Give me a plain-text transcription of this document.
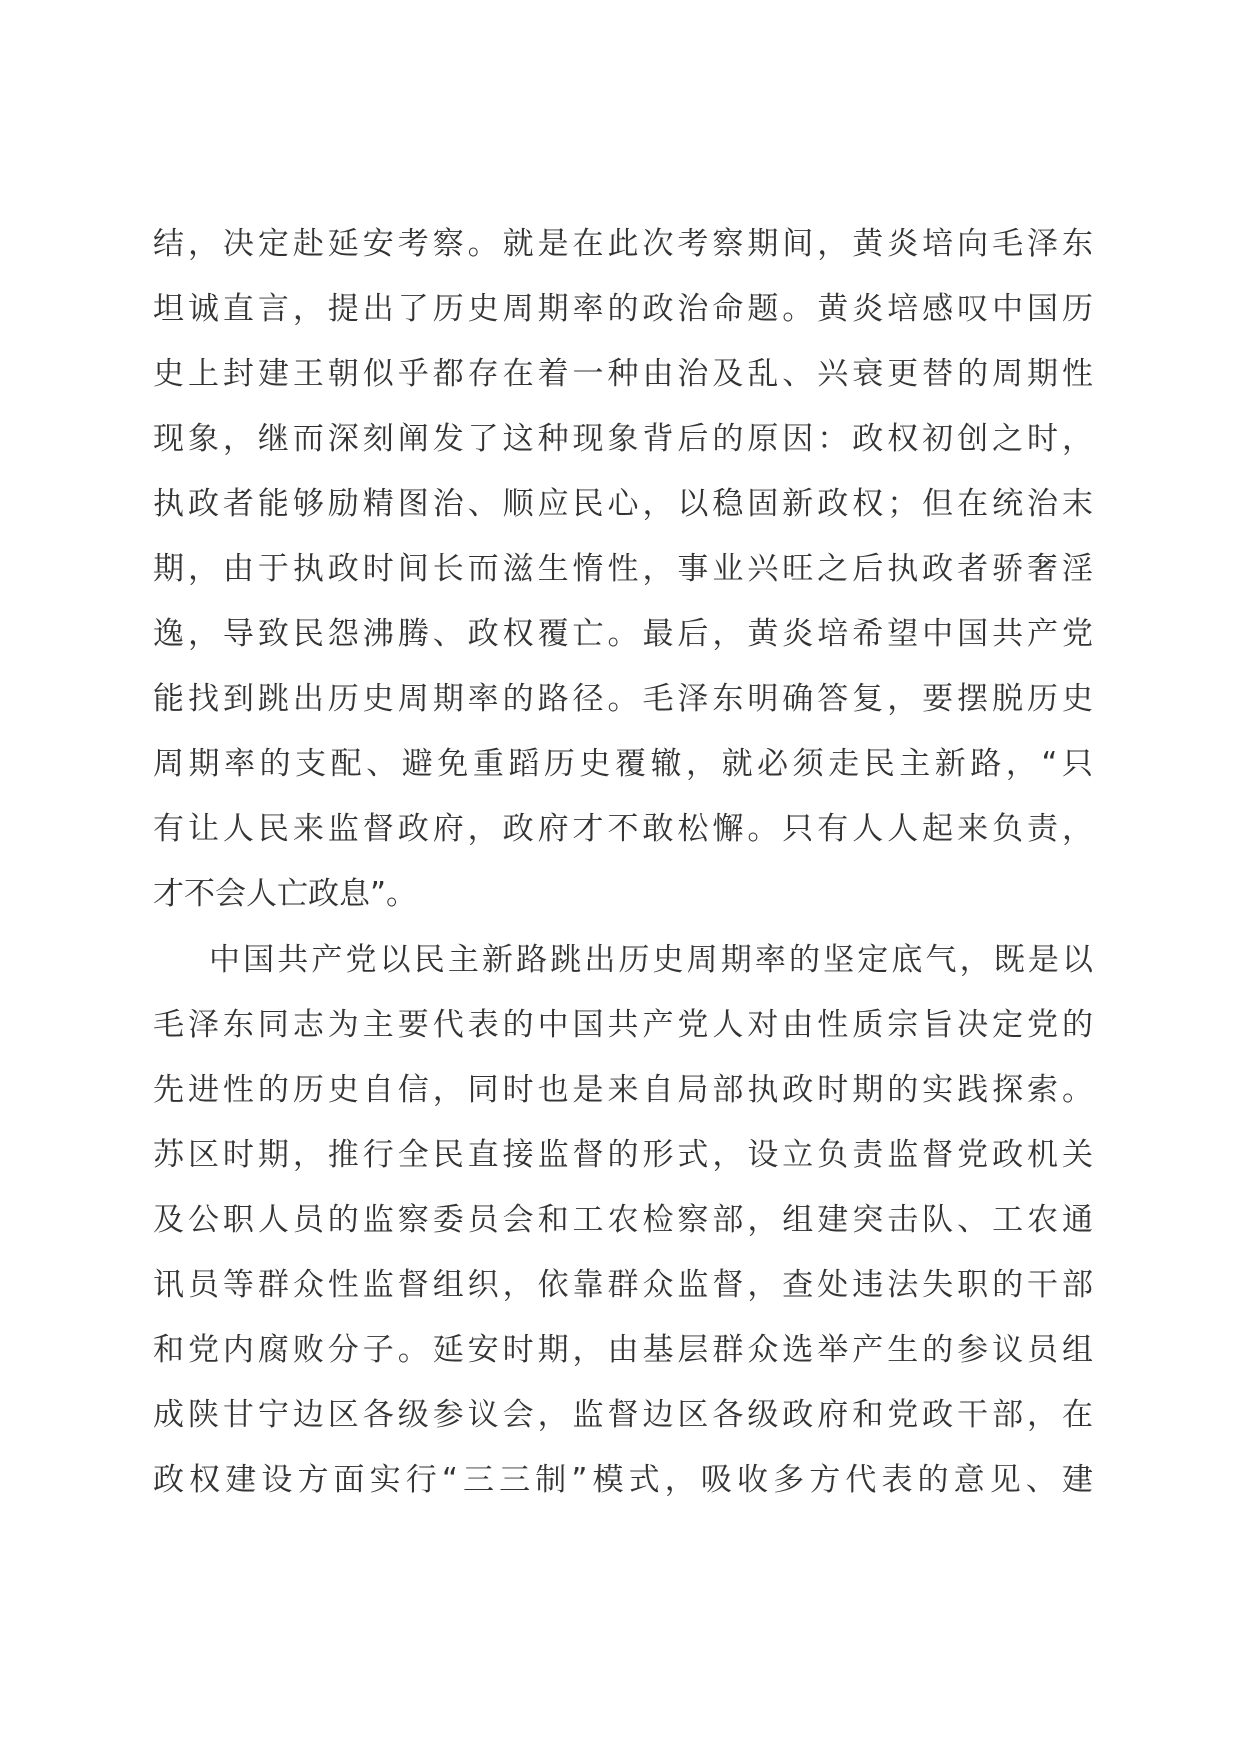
结，决定赴延安考察。就是在此次考察期间，黄炎培向毛泽东
坦诚直言，提出了历史周期率的政治命题。黄炎培感叹中国历
史上封建王朝似乎都存在着一种由治及乱、兴衰更替的周期性
现象，继而深刻阐发了这种现象背后的原因：政权初创之时，
执政者能够励精图治、顺应民心，以稳固新政权；但在统治末
期，由于执政时间长而滋生惰性，事业兴旺之后执政者骄奢淫
逸，导致民怨沸腾、政权覆亡。最后，黄炎培希望中国共产党
能找到跳出历史周期率的路径。毛泽东明确答复，要摆脱历史
周期率的支配、避免重蹈历史覆辙，就必须走民主新路，“只
有让人民来监督政府，政府才不敢松懈。只有人人起来负责，
才不会人亡政息”。
中国共产党以民主新路跳出历史周期率的坚定底气，既是以
毛泽东同志为主要代表的中国共产党人对由性质宗旨决定党的
先进性的历史自信，同时也是来自局部执政时期的实践探索。
苏区时期，推行全民直接监督的形式，设立负责监督党政机关
及公职人员的监察委员会和工农检察部，组建突击队、工农通
讯员等群众性监督组织，依靠群众监督，查处违法失职的干部
和党内腐败分子。延安时期，由基层群众选举产生的参议员组
成陕甘宁边区各级参议会，监督边区各级政府和党政干部，在
政权建设方面实行“三三制”模式，吸收多方代表的意见、建
